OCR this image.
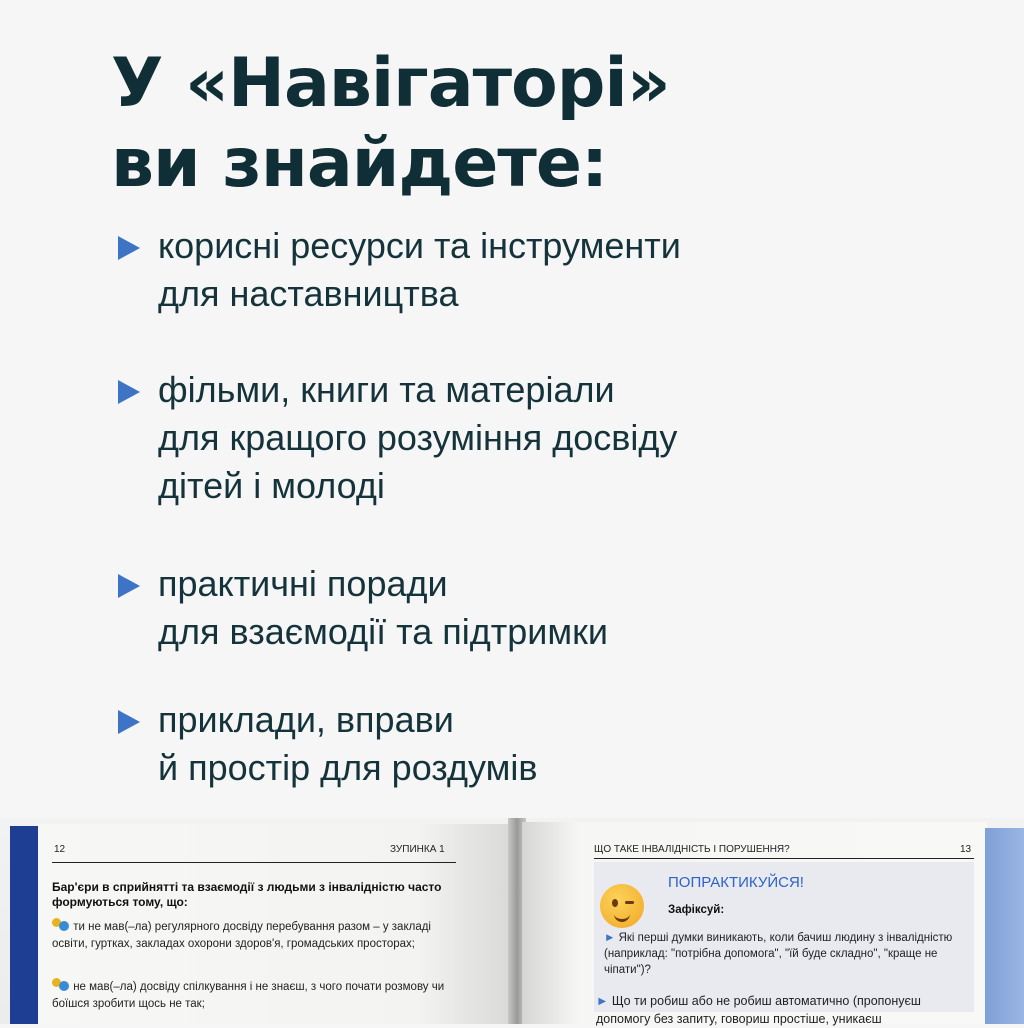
У «Навігаторі»
ви знайдете:
корисні ресурси та інструменти
для наставництва
фільми, книги та матеріали
для кращого розуміння досвіду
дітей і молоді
практичні поради
для взаємодії та підтримки
приклади, вправи
й простір для роздумів
12	ЗУПИНКА 1
Бар'єри в сприйнятті та взаємодії з людьми з інвалідністю часто формуються тому, що:
ти не мав(–ла) регулярного досвіду перебування разом – у закладі освіти, гуртках, закладах охорони здоров'я, громадських просторах;
не мав(–ла) досвіду спілкування і не знаєш, з чого почати розмову чи боїшся зробити щось не так;
ЩО ТАКЕ ІНВАЛІДНІСТЬ І ПОРУШЕННЯ?	13
ПОПРАКТИКУЙСЯ!
Зафіксуй:
► Які перші думки виникають, коли бачиш людину з інвалідністю (наприклад: "потрібна допомога", "їй буде складно", "краще не чіпати")?
► Що ти робиш або не робиш автоматично (пропонуєш допомогу без запиту, говориш простіше, уникаєш
